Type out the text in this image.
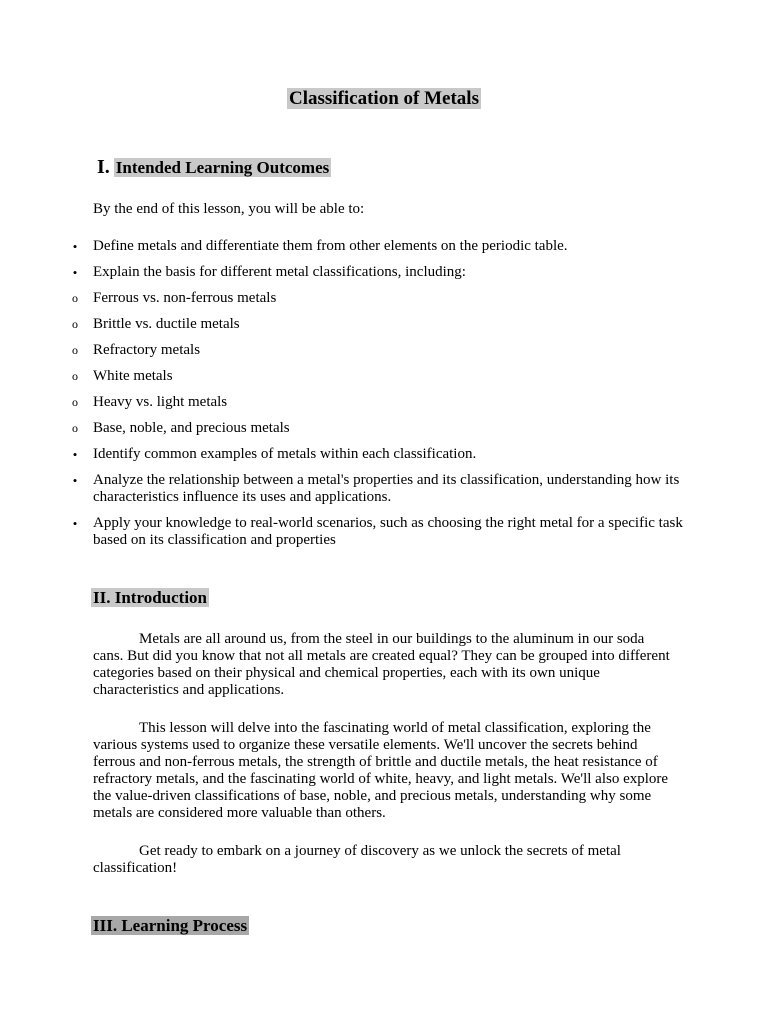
Classification of Metals
I. Intended Learning Outcomes
By the end of this lesson, you will be able to:
•	Define metals and differentiate them from other elements on the periodic table.
•	Explain the basis for different metal classifications, including:
o Ferrous vs. non-ferrous metals
o Brittle vs. ductile metals
o Refractory metals
o White metals
o Heavy vs. light metals
o Base, noble, and precious metals
•	Identify common examples of metals within each classification.
•	Analyze the relationship between a metal's properties and its classification, understanding how its characteristics influence its uses and applications.
•	Apply your knowledge to real-world scenarios, such as choosing the right metal for a specific task based on its classification and properties
II. Introduction

Metals are all around us, from the steel in our buildings to the aluminum in our soda cans. But did you know that not all metals are created equal? They can be grouped into different categories based on their physical and chemical properties, each with its own unique characteristics and applications.

This lesson will delve into the fascinating world of metal classification, exploring the various systems used to organize these versatile elements. We'll uncover the secrets behind ferrous and non-ferrous metals, the strength of brittle and ductile metals, the heat resistance of refractory metals, and the fascinating world of white, heavy, and light metals. We'll also explore the value-driven classifications of base, noble, and precious metals, understanding why some metals are considered more valuable than others.

Get ready to embark on a journey of discovery as we unlock the secrets of metal classification!

III. Learning Process
